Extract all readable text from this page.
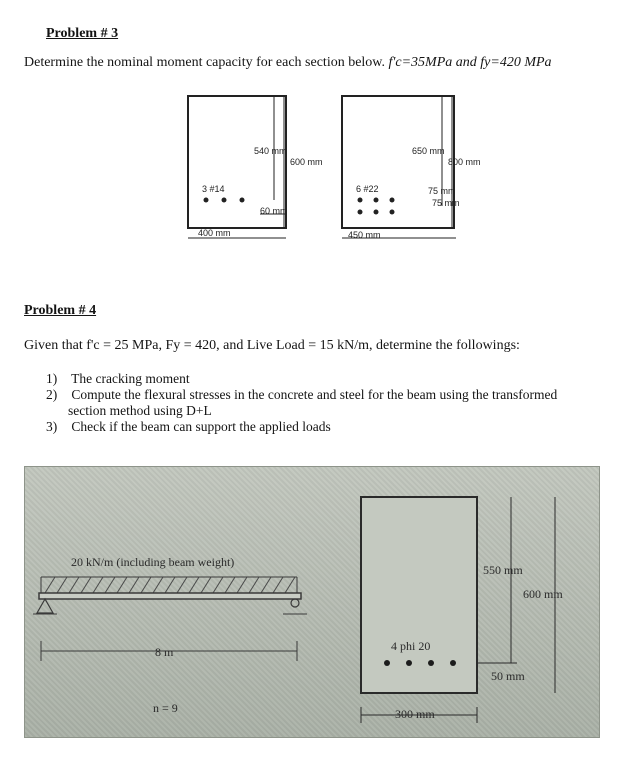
Problem # 3
Determine the nominal moment capacity for each section below. f'c=35MPa and fy=420 MPa
540 mm
600 mm
3 #14
60 mm
400 mm
650 mm
800 mm
6 #22	75 mm
75 mm
450 mm
Problem # 4
Given that f'c = 25 MPa, Fy = 420, and Live Load = 15 kN/m, determine the followings:
1) The cracking moment
2) Compute the flexural stresses in the concrete and steel for the beam using the transformed
section method using D+L
3) Check if the beam can support the applied loads
20 kN/m (including beam weight)
8 m
n = 9
550 mm
600 mm
4 phi 20
50 mm
300 mm
